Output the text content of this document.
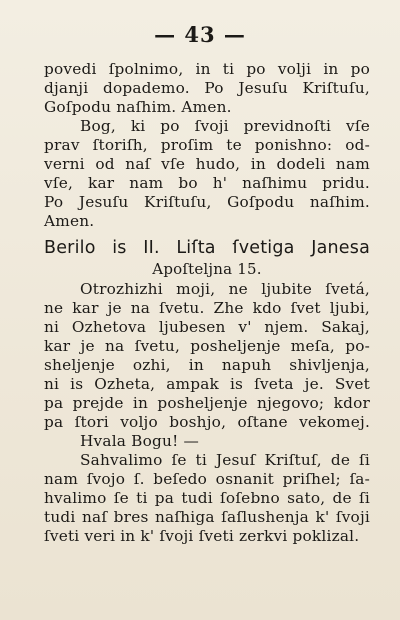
— 43 —
povedi ſpolnimo, in ti po volji in po
djanji dopademo. Po Jesuſu Kriſtuſu,
Goſpodu naſhim. Amen.
Bog, ki po ſvoji previdnoſti vſe
prav ſtoriſh, proſim te ponishno: od-
verni od naſ vſe hudo, in dodeli nam
vſe, kar nam bo h' naſhimu pridu.
Po Jesuſu Kriſtuſu, Goſpodu naſhim.
Amen.
Berilo is II. Liſta ſvetiga Janesa
Apoſteljna 15.
Otrozhizhi moji, ne ljubite ſvetá,
ne kar je na ſvetu. Zhe kdo ſvet ljubi,
ni Ozhetova ljubesen v' njem. Sakaj,
kar je na ſvetu, posheljenje meſa, po-
sheljenje ozhi, in napuh shivljenja,
ni is Ozheta, ampak is ſveta je. Svet
pa prejde in posheljenje njegovo; kdor
pa ſtori voljo boshjo, oſtane vekomej.
Hvala Bogu! —
Sahvalimo ſe ti Jesuſ Kriſtuſ, de ſi
nam ſvojo ſ. beſedo osnanit priſhel; ſa-
hvalimo ſe ti pa tudi ſoſebno sato, de ſi
tudi naſ bres naſhiga ſaſlushenja k' ſvoji
ſveti veri in k' ſvoji ſveti zerkvi poklizal.
